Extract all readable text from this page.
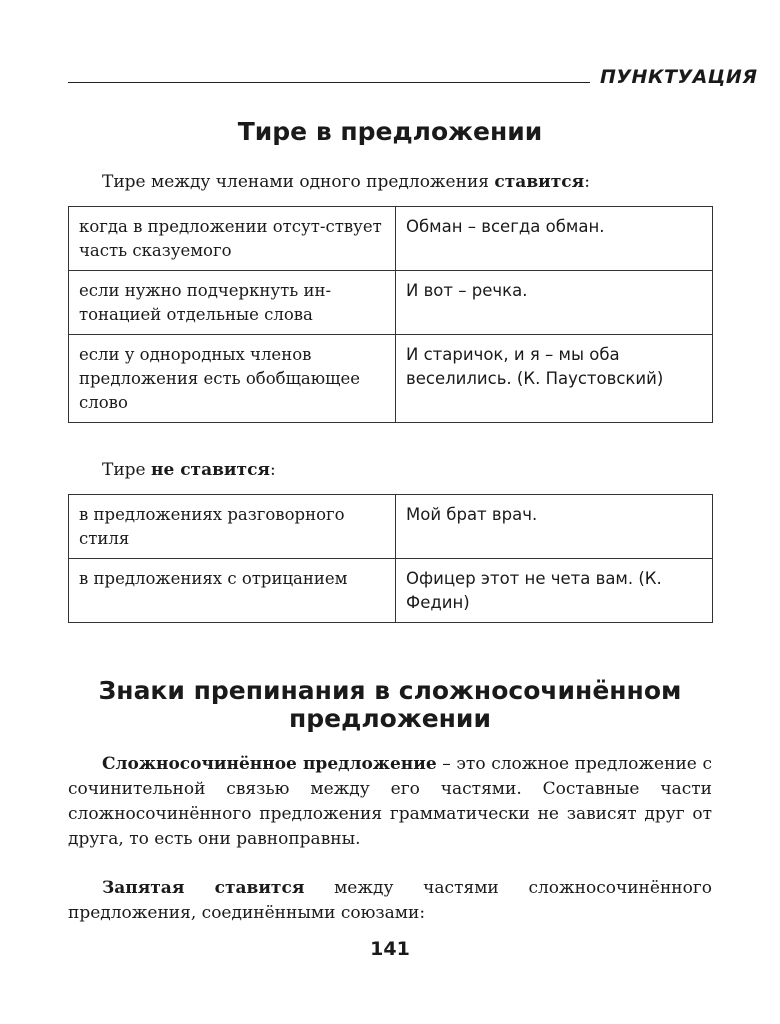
ПУНКТУАЦИЯ
Тире в предложении
Тире между членами одного предложения ставится:
когда в предложении отсут-ствует часть сказуемого	Обман – всегда обман.
если нужно подчеркнуть ин-тонацией отдельные слова	И вот – речка.
если у однородных членов предложения есть обобщающее слово	И старичок, и я – мы оба веселились. (К. Паустовский)
Тире не ставится:
в предложениях разговорного стиля	Мой брат врач.
в предложениях с отрицанием	Офицер этот не чета вам. (К. Федин)
Знаки препинания в сложносочинённом
предложении
Сложносочинённое предложение – это сложное предложение с сочинительной связью между его частями. Составные части сложносочинённого предложения грамматически не зависят друг от друга, то есть они равноправны.
Запятая ставится между частями сложносочинённого предложения, соединёнными союзами:
141
